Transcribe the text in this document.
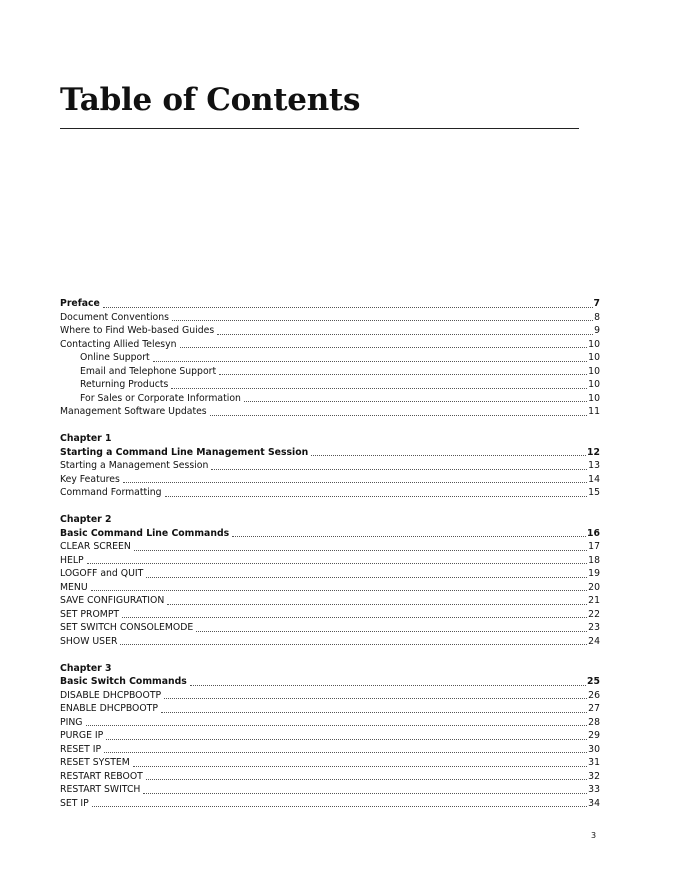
Table of Contents
Preface	7
Document Conventions	8
Where to Find Web-based Guides	9
Contacting Allied Telesyn	10
Online Support	10
Email and Telephone Support	10
Returning Products	10
For Sales or Corporate Information	10
Management Software Updates	11
Chapter 1
Starting a Command Line Management Session	12
Starting a Management Session	13
Key Features	14
Command Formatting	15
Chapter 2
Basic Command Line Commands	16
CLEAR SCREEN	17
HELP	18
LOGOFF and QUIT	19
MENU	20
SAVE CONFIGURATION	21
SET PROMPT	22
SET SWITCH CONSOLEMODE	23
SHOW USER	24
Chapter 3
Basic Switch Commands	25
DISABLE DHCPBOOTP	26
ENABLE DHCPBOOTP	27
PING	28
PURGE IP	29
RESET IP	30
RESET SYSTEM	31
RESTART REBOOT	32
RESTART SWITCH	33
SET IP	34
3
